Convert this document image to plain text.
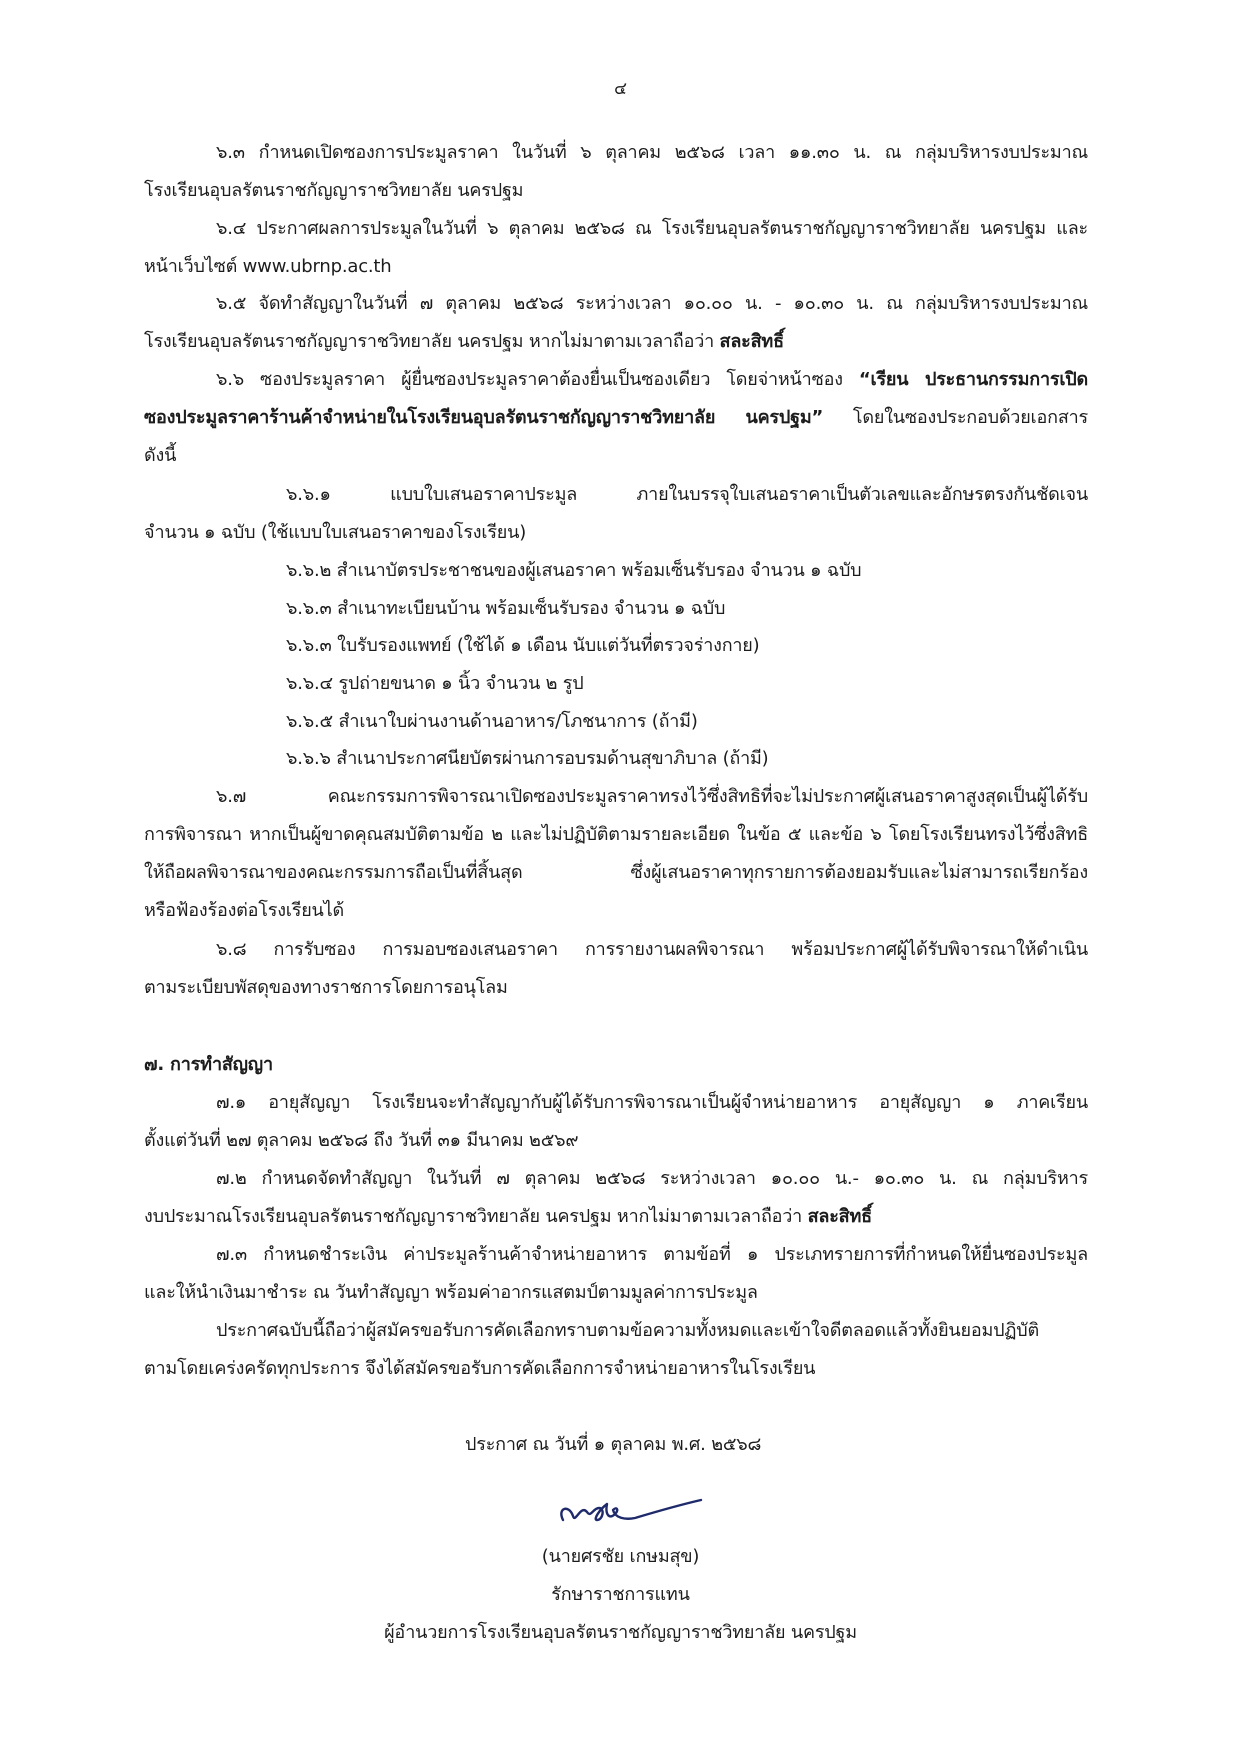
๔
๖.๓ กำหนดเปิดซองการประมูลราคา ในวันที่ ๖ ตุลาคม ๒๕๖๘ เวลา ๑๑.๓๐ น. ณ กลุ่มบริหารงบประมาณ
โรงเรียนอุบลรัตนราชกัญญาราชวิทยาลัย นครปฐม
๖.๔ ประกาศผลการประมูลในวันที่ ๖ ตุลาคม ๒๕๖๘ ณ โรงเรียนอุบลรัตนราชกัญญาราชวิทยาลัย นครปฐม และ
หน้าเว็บไซต์ www.ubrnp.ac.th
๖.๕ จัดทำสัญญาในวันที่ ๗ ตุลาคม ๒๕๖๘ ระหว่างเวลา ๑๐.๐๐ น. - ๑๐.๓๐ น. ณ กลุ่มบริหารงบประมาณ
โรงเรียนอุบลรัตนราชกัญญาราชวิทยาลัย นครปฐม หากไม่มาตามเวลาถือว่า สละสิทธิ์
๖.๖ ซองประมูลราคา ผู้ยื่นซองประมูลราคาต้องยื่นเป็นซองเดียว โดยจ่าหน้าซอง “เรียน ประธานกรรมการเปิด
ซองประมูลราคาร้านค้าจำหน่ายในโรงเรียนอุบลรัตนราชกัญญาราชวิทยาลัย นครปฐม” โดยในซองประกอบด้วยเอกสาร
ดังนี้
๖.๖.๑ แบบใบเสนอราคาประมูล ภายในบรรจุใบเสนอราคาเป็นตัวเลขและอักษรตรงกันชัดเจน
จำนวน ๑ ฉบับ (ใช้แบบใบเสนอราคาของโรงเรียน)
๖.๖.๒ สำเนาบัตรประชาชนของผู้เสนอราคา พร้อมเซ็นรับรอง จำนวน ๑ ฉบับ
๖.๖.๓ สำเนาทะเบียนบ้าน พร้อมเซ็นรับรอง จำนวน ๑ ฉบับ
๖.๖.๓ ใบรับรองแพทย์ (ใช้ได้ ๑ เดือน นับแต่วันที่ตรวจร่างกาย)
๖.๖.๔ รูปถ่ายขนาด ๑ นิ้ว จำนวน ๒ รูป
๖.๖.๕ สำเนาใบผ่านงานด้านอาหาร/โภชนาการ (ถ้ามี)
๖.๖.๖ สำเนาประกาศนียบัตรผ่านการอบรมด้านสุขาภิบาล (ถ้ามี)
๖.๗ คณะกรรมการพิจารณาเปิดซองประมูลราคาทรงไว้ซึ่งสิทธิที่จะไม่ประกาศผู้เสนอราคาสูงสุดเป็นผู้ได้รับ
การพิจารณา หากเป็นผู้ขาดคุณสมบัติตามข้อ ๒ และไม่ปฏิบัติตามรายละเอียด ในข้อ ๕ และข้อ ๖ โดยโรงเรียนทรงไว้ซึ่งสิทธิ
ให้ถือผลพิจารณาของคณะกรรมการถือเป็นที่สิ้นสุด ซึ่งผู้เสนอราคาทุกรายการต้องยอมรับและไม่สามารถเรียกร้อง
หรือฟ้องร้องต่อโรงเรียนได้
๖.๘ การรับซอง การมอบซองเสนอราคา การรายงานผลพิจารณา พร้อมประกาศผู้ได้รับพิจารณาให้ดำเนิน
ตามระเบียบพัสดุของทางราชการโดยการอนุโลม
๗. การทำสัญญา
๗.๑ อายุสัญญา โรงเรียนจะทำสัญญากับผู้ได้รับการพิจารณาเป็นผู้จำหน่ายอาหาร อายุสัญญา ๑ ภาคเรียน
ตั้งแต่วันที่ ๒๗ ตุลาคม ๒๕๖๘ ถึง วันที่ ๓๑ มีนาคม ๒๕๖๙
๗.๒ กำหนดจัดทำสัญญา ในวันที่ ๗ ตุลาคม ๒๕๖๘ ระหว่างเวลา ๑๐.๐๐ น.- ๑๐.๓๐ น. ณ กลุ่มบริหาร
งบประมาณโรงเรียนอุบลรัตนราชกัญญาราชวิทยาลัย นครปฐม หากไม่มาตามเวลาถือว่า สละสิทธิ์
๗.๓ กำหนดชำระเงิน ค่าประมูลร้านค้าจำหน่ายอาหาร ตามข้อที่ ๑ ประเภทรายการที่กำหนดให้ยื่นซองประมูล
และให้นำเงินมาชำระ ณ วันทำสัญญา พร้อมค่าอากรแสตมป์ตามมูลค่าการประมูล
ประกาศฉบับนี้ถือว่าผู้สมัครขอรับการคัดเลือกทราบตามข้อความทั้งหมดและเข้าใจดีตลอดแล้วทั้งยินยอมปฏิบัติ
ตามโดยเคร่งครัดทุกประการ จึงได้สมัครขอรับการคัดเลือกการจำหน่ายอาหารในโรงเรียน
ประกาศ ณ วันที่ ๑ ตุลาคม พ.ศ. ๒๕๖๘
(นายศรชัย เกษมสุข)
รักษาราชการแทน
ผู้อำนวยการโรงเรียนอุบลรัตนราชกัญญาราชวิทยาลัย นครปฐม
